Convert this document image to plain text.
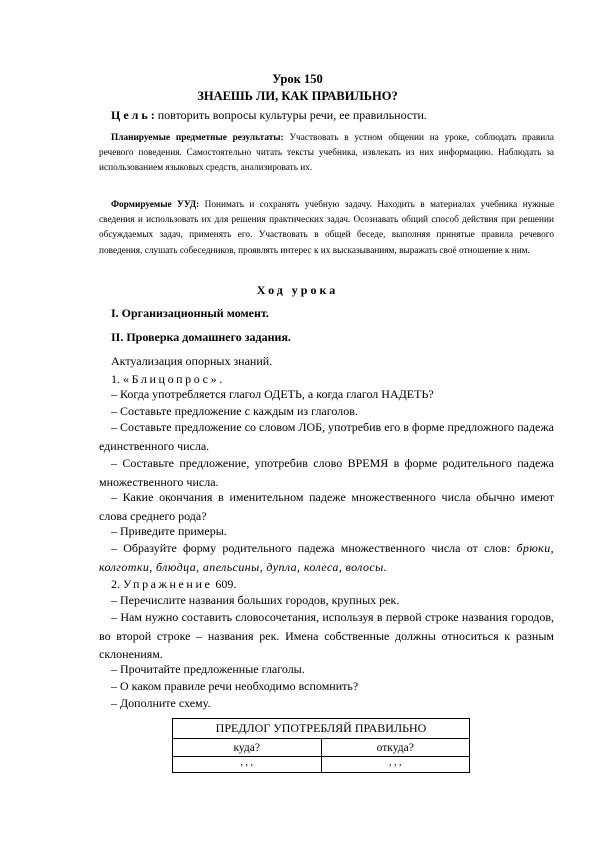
Урок 150
ЗНАЕШЬ ЛИ, КАК ПРАВИЛЬНО?
Ц е л ь : повторить вопросы культуры речи, ее правильности.
Планируемые предметные результаты: Участвовать в устном общении на уроке, соблюдать правила речевого поведения. Самостоятельно читать тексты учебника, извлекать из них информацию. Наблюдать за использованием языковых средств, анализировать их.
Формируемые УУД: Понимать и сохранять учебную задачу. Находить в материалах учебника нужные сведения и использовать их для решения практических задач. Осознавать общий способ действия при решении обсуждаемых задач, применять его. Участвовать в общей беседе, выполняя принятые правила речевого поведения, слушать собеседников, проявлять интерес к их высказываниям, выражать своё отношение к ним.
Ход урока
I. Организационный момент.
II. Проверка домашнего задания.
Актуализация опорных знаний.
1. «Блицопрос».
– Когда употребляется глагол ОДЕТЬ, а когда глагол НАДЕТЬ?
– Составьте предложение с каждым из глаголов.
– Составьте предложение со словом ЛОБ, употребив его в форме предложного падежа единственного числа.
– Составьте предложение, употребив слово ВРЕМЯ в форме родительного падежа множественного числа.
– Какие окончания в именительном падеже множественного числа обычно имеют слова среднего рода?
– Приведите примеры.
– Образуйте форму родительного падежа множественного числа от слов: брюки, колготки, блюдца, апельсины, дупла, колеса, волосы.
2. Упражнение 609.
– Перечислите названия больших городов, крупных рек.
– Нам нужно составить словосочетания, используя в первой строке названия городов, во второй строке – названия рек. Имена собственные должны относиться к разным склонениям.
– Прочитайте предложенные глаголы.
– О каком правиле речи необходимо вспомнить?
– Дополните схему.
ПРЕДЛОГ УПОТРЕБЛЯЙ ПРАВИЛЬНО	
куда?	откуда?
, , ,	, , ,
